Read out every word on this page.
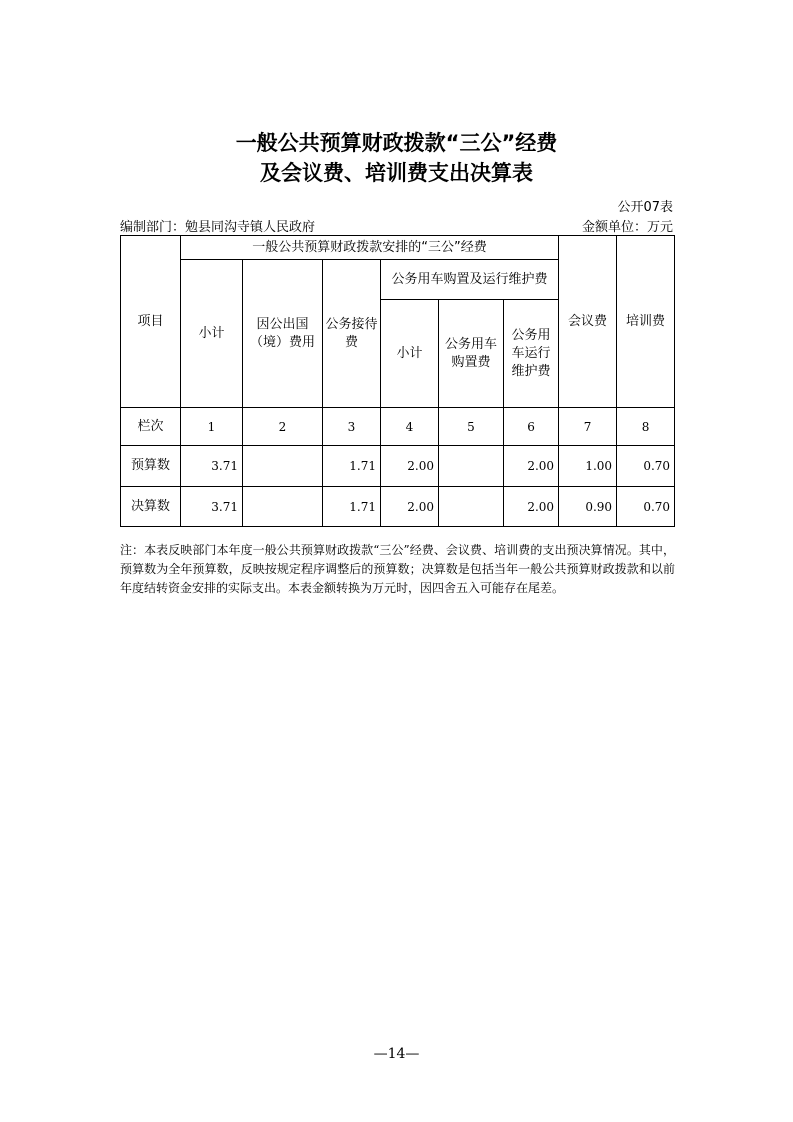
一般公共预算财政拨款“三公”经费
及会议费、培训费支出决算表
公开07表
编制部门：勉县同沟寺镇人民政府	金额单位：万元
项目	一般公共预算财政拨款安排的“三公”经费						会议费	培训费
	小计	因公出国（境）费用	公务接待费	公务用车购置及运行维护费				
				小计	公务用车购置费	公务用车运行维护费		
栏次	1	2	3	4	5	6	7	8
预算数	3.71		1.71	2.00		2.00	1.00	0.70
决算数	3.71		1.71	2.00		2.00	0.90	0.70
注：本表反映部门本年度一般公共预算财政拨款“三公”经费、会议费、培训费的支出预决算情况。其中，预算数为全年预算数，反映按规定程序调整后的预算数；决算数是包括当年一般公共预算财政拨款和以前年度结转资金安排的实际支出。本表金额转换为万元时，因四舍五入可能存在尾差。
—14—
